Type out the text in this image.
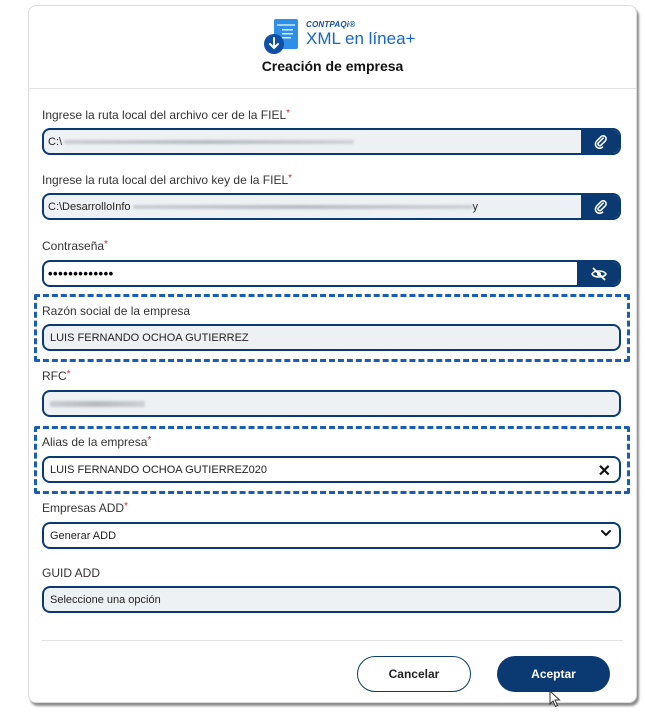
CONTPAQi®
XML en línea+
Creación de empresa
Ingrese la ruta local del archivo cer de la FIEL*
C:\
Ingrese la ruta local del archivo key de la FIEL*
C:\DesarrolloInfo	y
Contraseña*
•••••••••••••
Razón social de la empresa
LUIS FERNANDO OCHOA GUTIERREZ
RFC*
Alias de la empresa*
LUIS FERNANDO OCHOA GUTIERREZ020	✕
Empresas ADD*
Generar ADD
GUID ADD
Seleccione una opción
Cancelar	Aceptar
